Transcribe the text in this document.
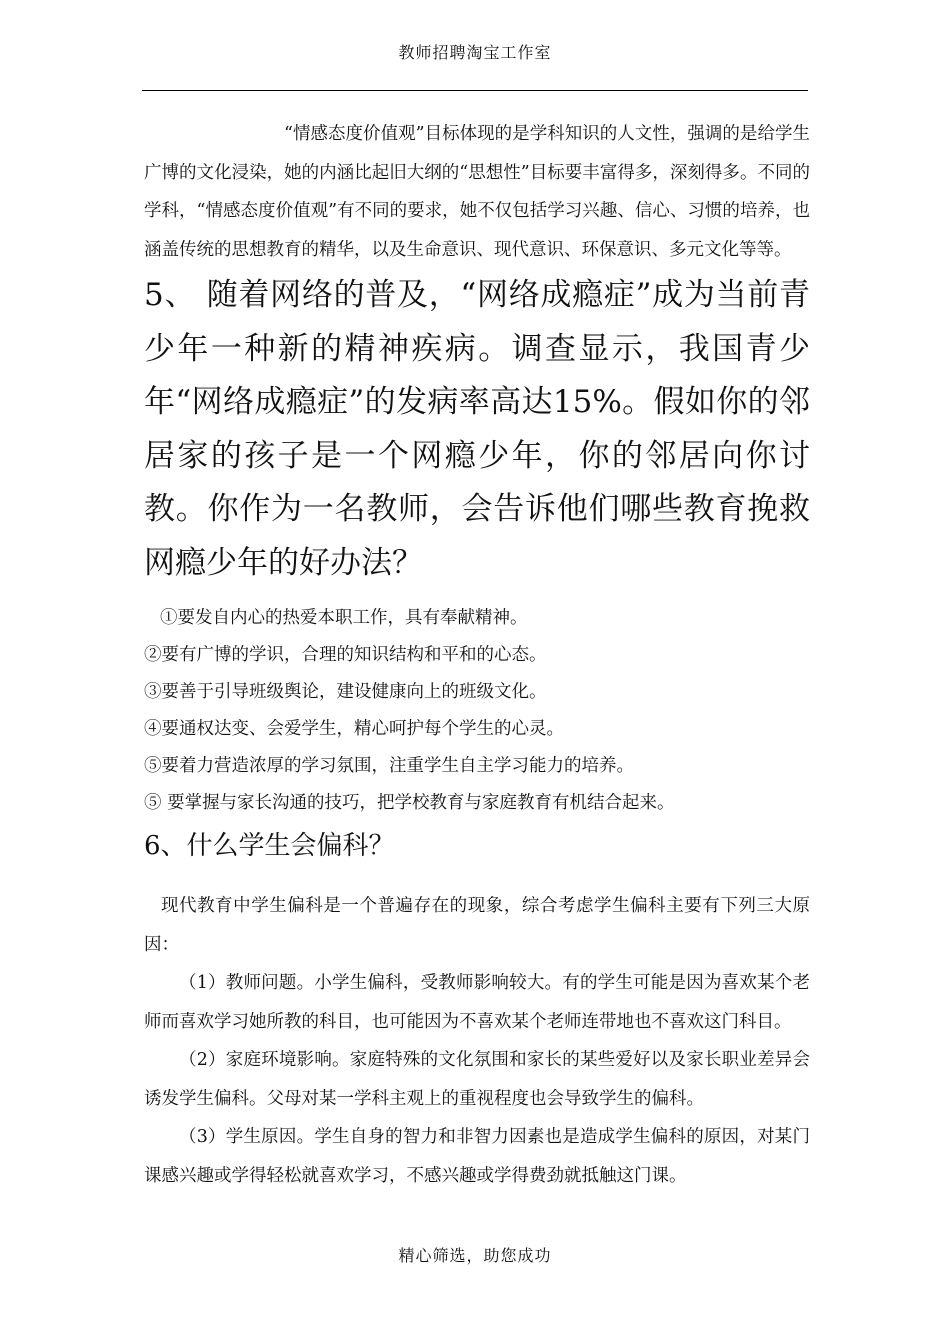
教师招聘淘宝工作室

“情感态度价值观”目标体现的是学科知识的人文性，强调的是给学生广博的文化浸染，她的内涵比起旧大纲的“思想性”目标要丰富得多，深刻得多。不同的学科，“情感态度价值观”有不同的要求，她不仅包括学习兴趣、信心、习惯的培养，也涵盖传统的思想教育的精华，以及生命意识、现代意识、环保意识、多元文化等等。

5、 随着网络的普及，“网络成瘾症”成为当前青少年一种新的精神疾病。调查显示，我国青少年“网络成瘾症”的发病率高达15%。假如你的邻居家的孩子是一个网瘾少年，你的邻居向你讨教。你作为一名教师，会告诉他们哪些教育挽救网瘾少年的好办法？

①要发自内心的热爱本职工作，具有奉献精神。
②要有广博的学识，合理的知识结构和平和的心态。
③要善于引导班级舆论，建设健康向上的班级文化。
④要通权达变、会爱学生，精心呵护每个学生的心灵。
⑤要着力营造浓厚的学习氛围，注重学生自主学习能力的培养。
⑤ 要掌握与家长沟通的技巧，把学校教育与家庭教育有机结合起来。

6、什么学生会偏科？

现代教育中学生偏科是一个普遍存在的现象，综合考虑学生偏科主要有下列三大原因：

（1）教师问题。小学生偏科，受教师影响较大。有的学生可能是因为喜欢某个老师而喜欢学习她所教的科目，也可能因为不喜欢某个老师连带地也不喜欢这门科目。

（2）家庭环境影响。家庭特殊的文化氛围和家长的某些爱好以及家长职业差异会诱发学生偏科。父母对某一学科主观上的重视程度也会导致学生的偏科。

（3）学生原因。学生自身的智力和非智力因素也是造成学生偏科的原因，对某门课感兴趣或学得轻松就喜欢学习，不感兴趣或学得费劲就抵触这门课。

精心筛选，助您成功
